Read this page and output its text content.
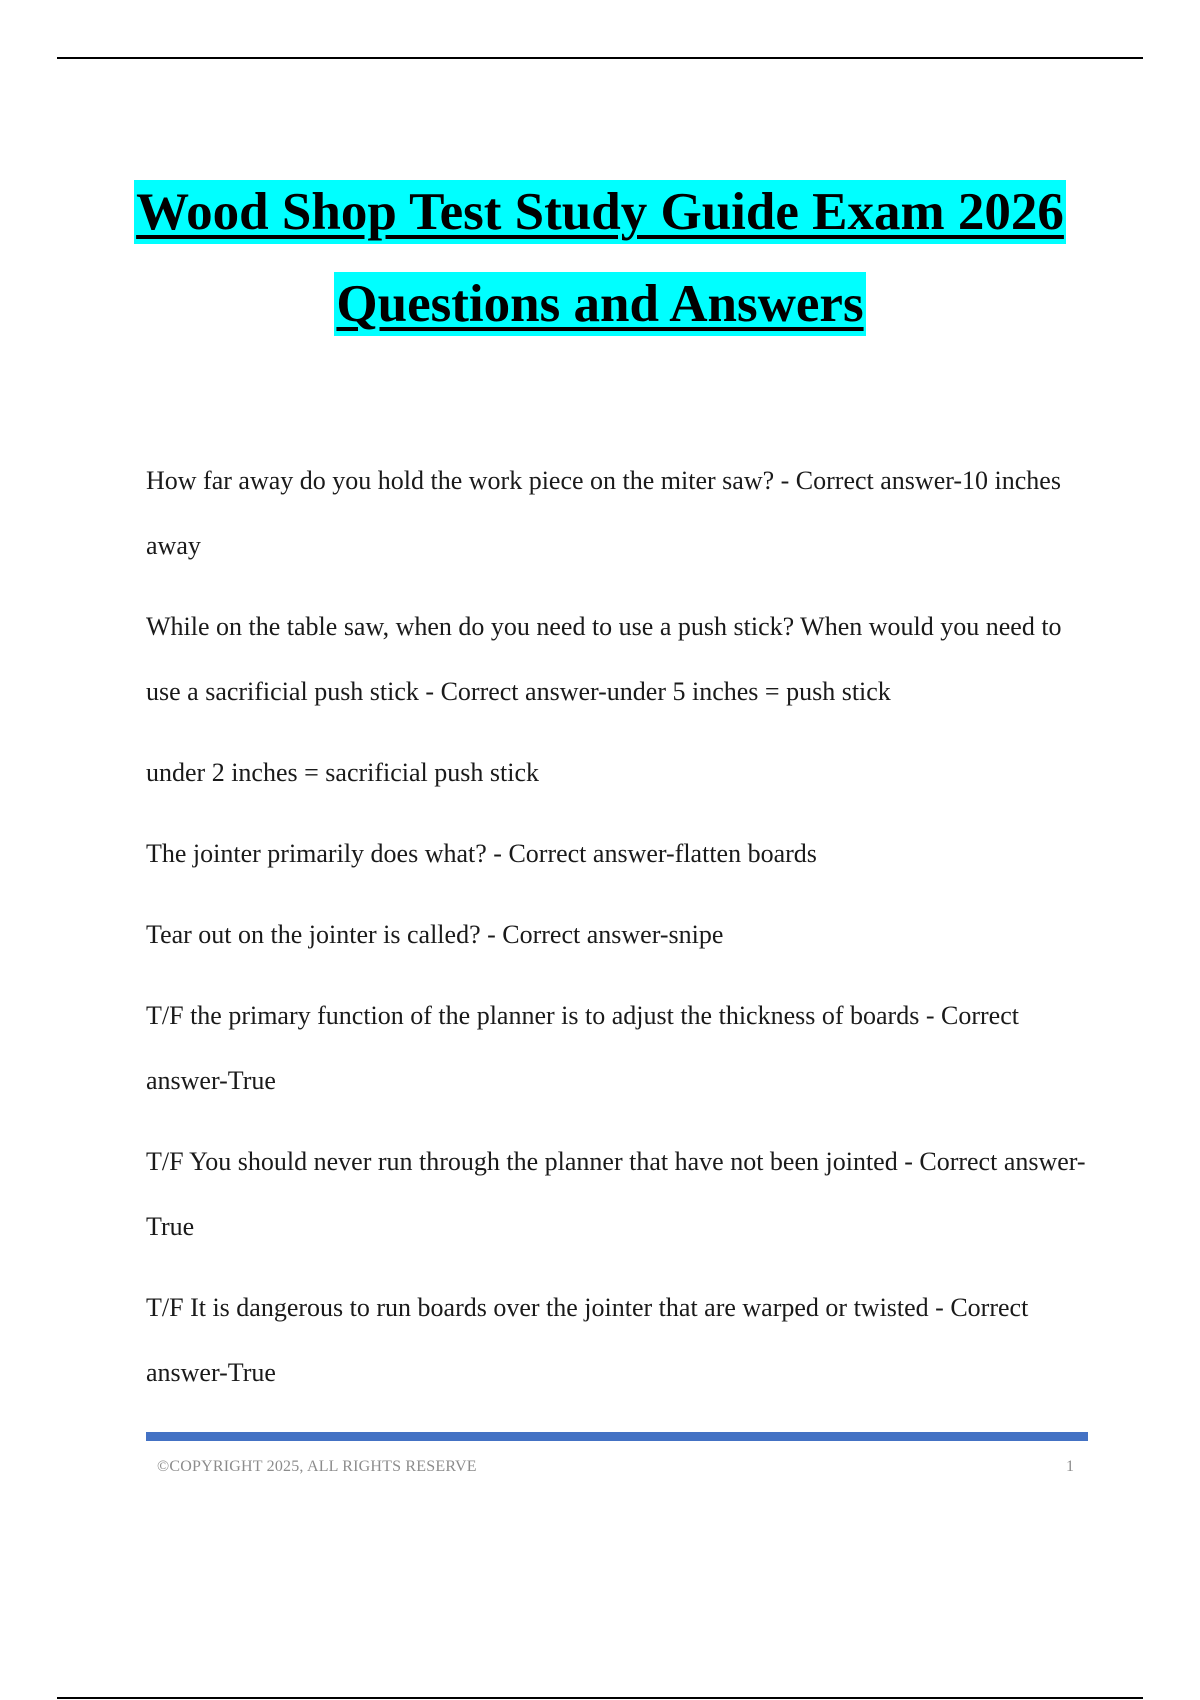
Wood Shop Test Study Guide Exam 2026
Questions and Answers

How far away do you hold the work piece on the miter saw? - Correct answer-10 inches away

While on the table saw, when do you need to use a push stick? When would you need to use a sacrificial push stick - Correct answer-under 5 inches = push stick

under 2 inches = sacrificial push stick

The jointer primarily does what? - Correct answer-flatten boards

Tear out on the jointer is called? - Correct answer-snipe

T/F the primary function of the planner is to adjust the thickness of boards - Correct answer-True

T/F You should never run through the planner that have not been jointed - Correct answer-True

T/F It is dangerous to run boards over the jointer that are warped or twisted - Correct answer-True

©COPYRIGHT 2025, ALL RIGHTS RESERVE	1
